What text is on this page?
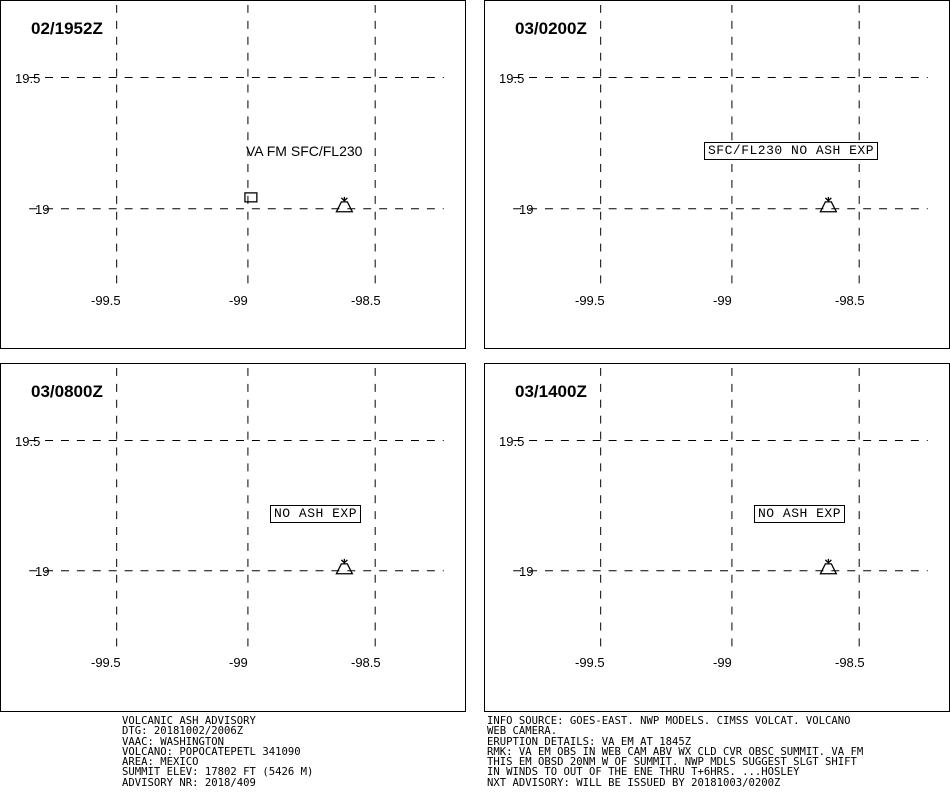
02/1952Z
19.5
19
-99.5	-99	-98.5
VA FM SFC/FL230
03/0200Z
19.5
19
-99.5	-99	-98.5
SFC/FL230 NO ASH EXP
03/0800Z
19.5
19
-99.5	-99	-98.5
NO ASH EXP
03/1400Z
19.5
19
-99.5	-99	-98.5
NO ASH EXP
VOLCANIC ASH ADVISORY
DTG: 20181002/2006Z
VAAC: WASHINGTON
VOLCANO: POPOCATEPETL 341090
AREA: MEXICO
SUMMIT ELEV: 17802 FT (5426 M)
ADVISORY NR: 2018/409
INFO SOURCE: GOES-EAST. NWP MODELS. CIMSS VOLCAT. VOLCANO
WEB CAMERA.
ERUPTION DETAILS: VA EM AT 1845Z
RMK: VA EM OBS IN WEB CAM ABV WX CLD CVR OBSC SUMMIT. VA FM
THIS EM OBSD 20NM W OF SUMMIT. NWP MDLS SUGGEST SLGT SHIFT
IN WINDS TO OUT OF THE ENE THRU T+6HRS. ...HOSLEY
NXT ADVISORY: WILL BE ISSUED BY 20181003/0200Z
